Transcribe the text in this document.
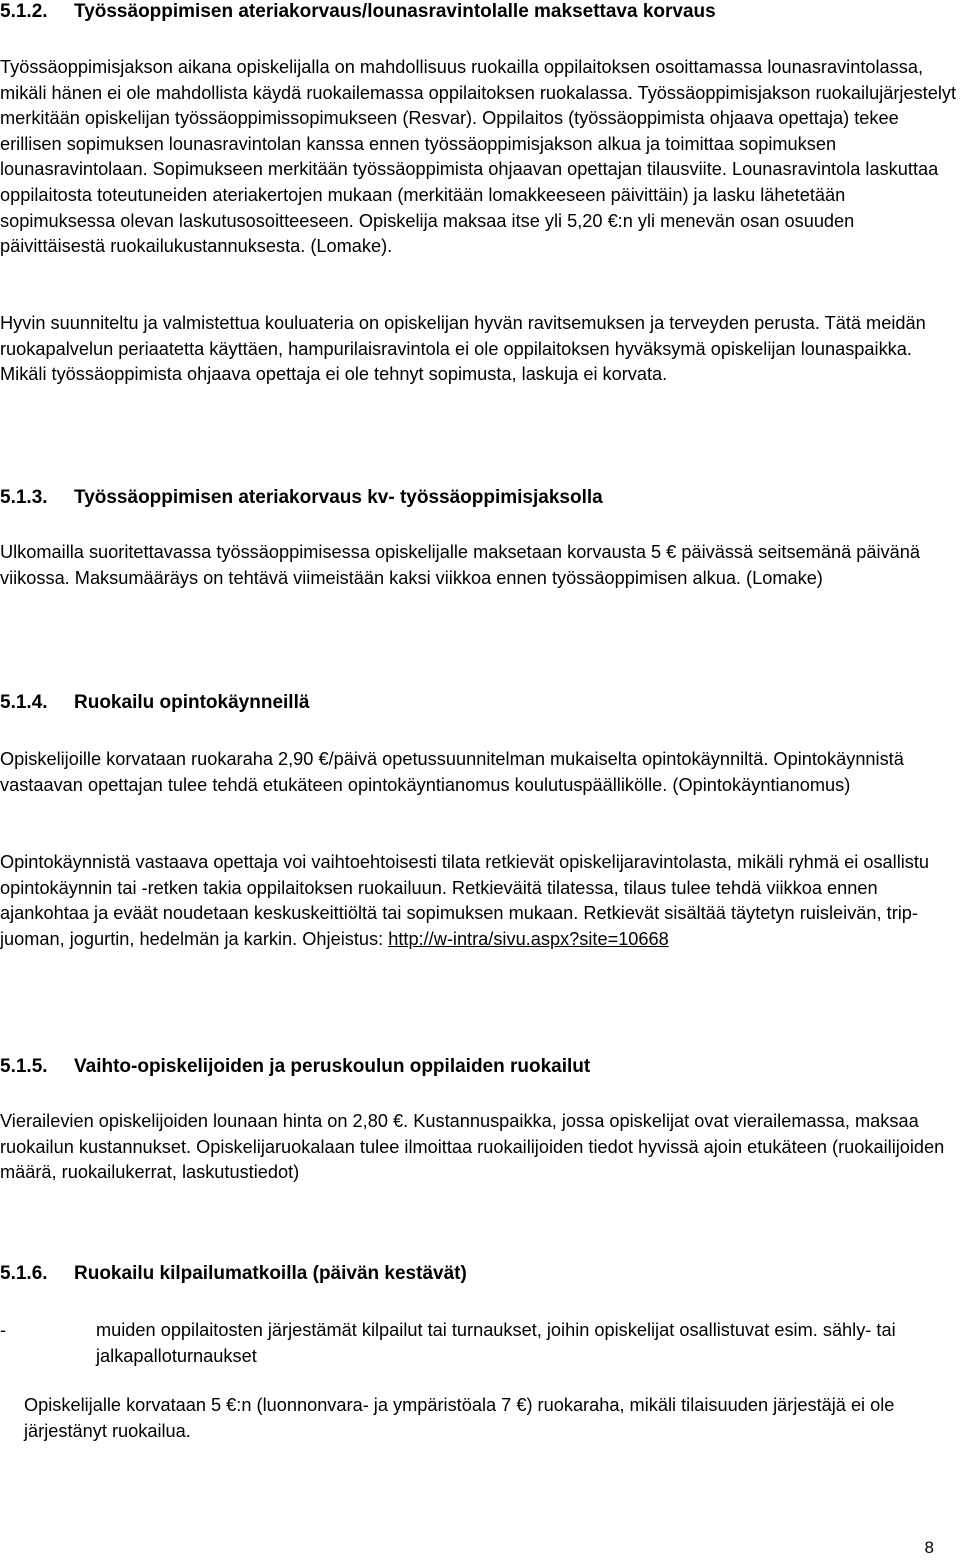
5.1.2. Työssäoppimisen ateriakorvaus/lounasravintolalle maksettava korvaus

Työssäoppimisjakson aikana opiskelijalla on mahdollisuus ruokailla oppilaitoksen osoittamassa lounasravintolassa, mikäli hänen ei ole mahdollista käydä ruokailemassa oppilaitoksen ruokalassa. Työssäoppimisjakson ruokailujärjestelyt merkitään opiskelijan työssäoppimissopimukseen (Resvar). Oppilaitos (työssäoppimista ohjaava opettaja) tekee erillisen sopimuksen lounasravintolan kanssa ennen työssäoppimisjakson alkua ja toimittaa sopimuksen lounasravintolaan. Sopimukseen merkitään työssäoppimista ohjaavan opettajan tilausviite. Lounasravintola laskuttaa oppilaitosta toteutuneiden ateriakertojen mukaan (merkitään lomakkeeseen päivittäin) ja lasku lähetetään sopimuksessa olevan laskutusosoitteeseen. Opiskelija maksaa itse yli 5,20 €:n yli menevän osan osuuden päivittäisestä ruokailukustannuksesta. (Lomake).

Hyvin suunniteltu ja valmistettua kouluateria on opiskelijan hyvän ravitsemuksen ja terveyden perusta. Tätä meidän ruokapalvelun periaatetta käyttäen, hampurilaisravintola ei ole oppilaitoksen hyväksymä opiskelijan lounaspaikka. Mikäli työssäoppimista ohjaava opettaja ei ole tehnyt sopimusta, laskuja ei korvata.

5.1.3. Työssäoppimisen ateriakorvaus kv- työssäoppimisjaksolla

Ulkomailla suoritettavassa työssäoppimisessa opiskelijalle maksetaan korvausta 5 € päivässä seitsemänä päivänä viikossa. Maksumääräys on tehtävä viimeistään kaksi viikkoa ennen työssäoppimisen alkua. (Lomake)

5.1.4. Ruokailu opintokäynneillä

Opiskelijoille korvataan ruokaraha 2,90 €/päivä opetussuunnitelman mukaiselta opintokäynniltä. Opintokäynnistä vastaavan opettajan tulee tehdä etukäteen opintokäyntianomus koulutuspäällikölle. (Opintokäyntianomus)

Opintokäynnistä vastaava opettaja voi vaihtoehtoisesti tilata retkievät opiskelijaravintolasta, mikäli ryhmä ei osallistu opintokäynnin tai -retken takia oppilaitoksen ruokailuun. Retkieväitä tilatessa, tilaus tulee tehdä viikkoa ennen ajankohtaa ja eväät noudetaan keskuskeittiöltä tai sopimuksen mukaan. Retkievät sisältää täytetyn ruisleivän, trip-juoman, jogurtin, hedelmän ja karkin. Ohjeistus: http://w-intra/sivu.aspx?site=10668

5.1.5. Vaihto-opiskelijoiden ja peruskoulun oppilaiden ruokailut

Vierailevien opiskelijoiden lounaan hinta on 2,80 €. Kustannuspaikka, jossa opiskelijat ovat vierailemassa, maksaa ruokailun kustannukset. Opiskelijaruokalaan tulee ilmoittaa ruokailijoiden tiedot hyvissä ajoin etukäteen (ruokailijoiden määrä, ruokailukerrat, laskutustiedot)

5.1.6. Ruokailu kilpailumatkoilla (päivän kestävät)
-	muiden oppilaitosten järjestämät kilpailut tai turnaukset, joihin opiskelijat osallistuvat esim. sähly- tai jalkapalloturnaukset

Opiskelijalle korvataan 5 €:n (luonnonvara- ja ympäristöala 7 €) ruokaraha, mikäli tilaisuuden järjestäjä ei ole järjestänyt ruokailua.

8
